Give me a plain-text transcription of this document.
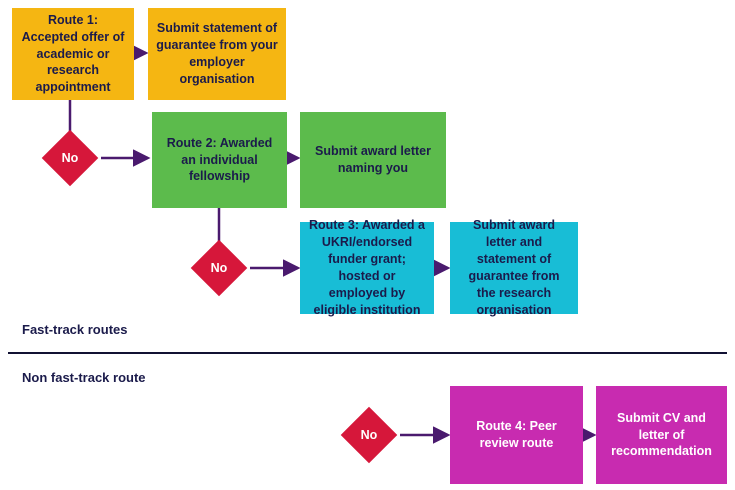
Route 1: Accepted offer of academic or research appointment
Submit statement of guarantee from your employer organisation
No
Route 2: Awarded an individual fellowship
Submit award letter naming you
No
Route 3: Awarded a UKRI/endorsed funder grant; hosted or employed by eligible institution
Submit award letter and statement of guarantee from the research organisation
Fast-track routes
Non fast-track route
No
Route 4: Peer review route
Submit CV and letter of recommendation
